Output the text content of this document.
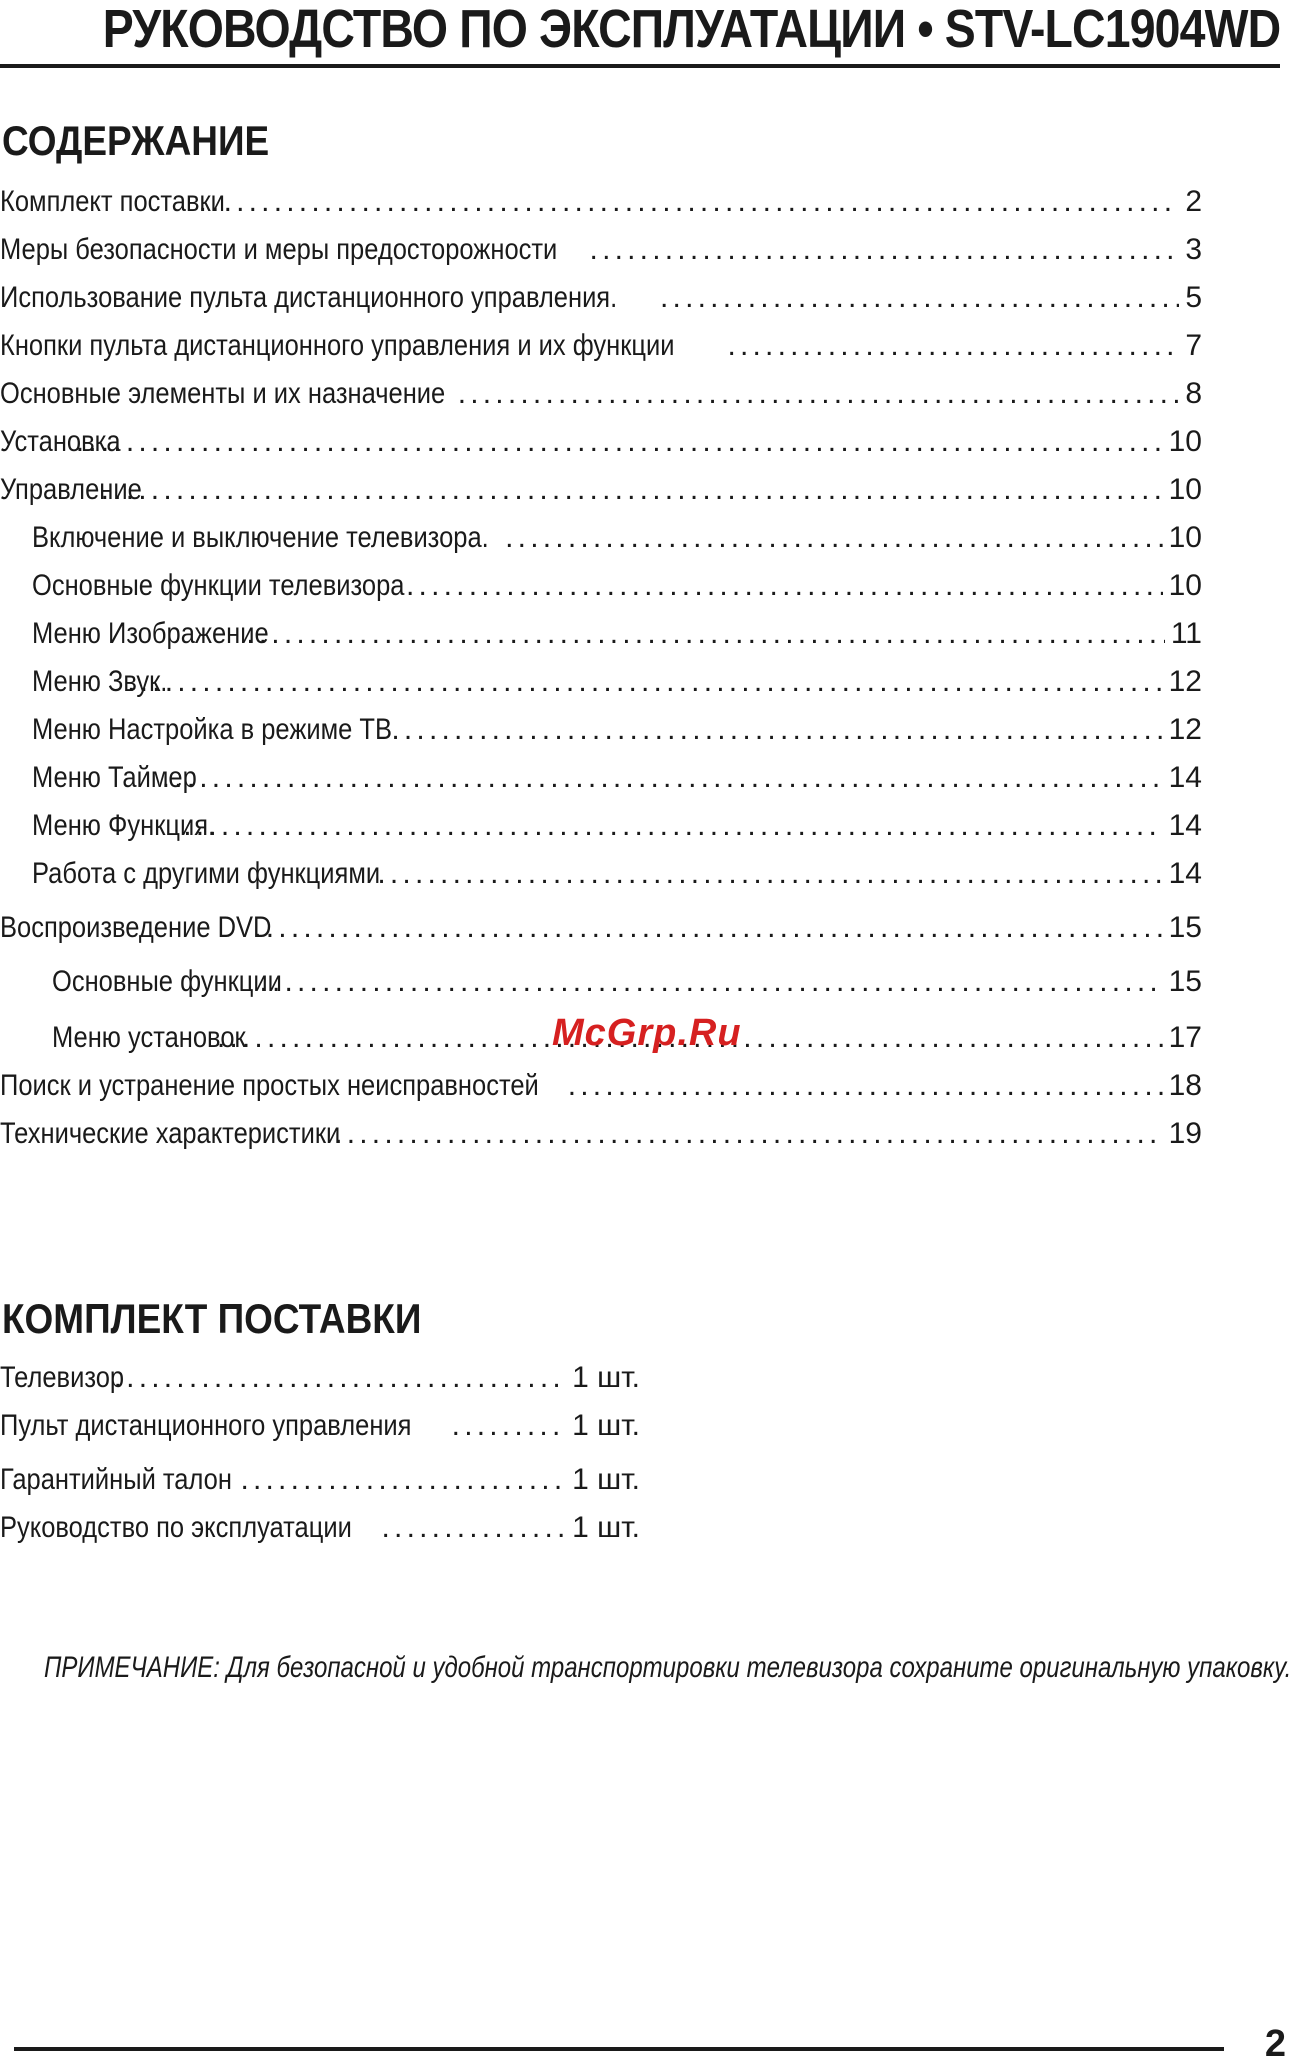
РУКОВОДСТВО ПО ЭКСПЛУАТАЦИИ • STV-LC1904WD
СОДЕРЖАНИЕ
Комплект поставки .....	2
Меры безопасности и меры предосторожности .....	3
Использование пульта дистанционного управления. .....	5
Кнопки пульта дистанционного управления и их функции .....	7
Основные элементы и их назначение .....	8
Установка .....	10
Управление .....	10
Включение и выключение телевизора. .....	10
Основные функции телевизора .....	10
Меню Изображение .....	11
Меню Звук. .....	12
Меню Настройка в режиме ТВ .....	12
Меню Таймер .....	14
Меню Функция. .....	14
Работа с другими функциями .....	14
Воспроизведение DVD .....	15
Основные функции .....	15
Меню установок .....	17
Поиск и устранение простых неисправностей .....	18
Технические характеристики .....	19
McGrp.Ru
КОМПЛЕКТ ПОСТАВКИ
Телевизор .....	1 шт.
Пульт дистанционного управления .....	1 шт.
Гарантийный талон .....	1 шт.
Руководство по эксплуатации .....	1 шт.
ПРИМЕЧАНИЕ: Для безопасной и удобной транспортировки телевизора сохраните оригинальную упаковку.
2
